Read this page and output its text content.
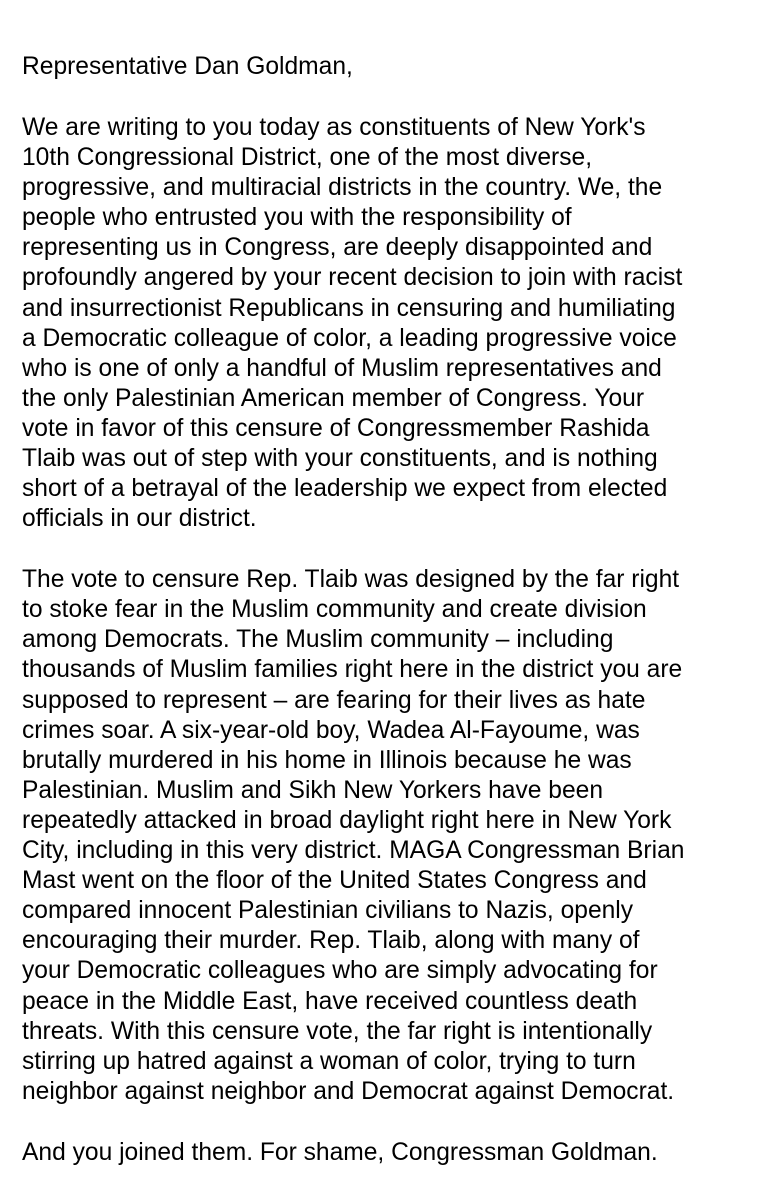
Representative Dan Goldman,

We are writing to you today as constituents of New York's
10th Congressional District, one of the most diverse,
progressive, and multiracial districts in the country. We, the
people who entrusted you with the responsibility of
representing us in Congress, are deeply disappointed and
profoundly angered by your recent decision to join with racist
and insurrectionist Republicans in censuring and humiliating
a Democratic colleague of color, a leading progressive voice
who is one of only a handful of Muslim representatives and
the only Palestinian American member of Congress. Your
vote in favor of this censure of Congressmember Rashida
Tlaib was out of step with your constituents, and is nothing
short of a betrayal of the leadership we expect from elected
officials in our district.

The vote to censure Rep. Tlaib was designed by the far right
to stoke fear in the Muslim community and create division
among Democrats. The Muslim community – including
thousands of Muslim families right here in the district you are
supposed to represent – are fearing for their lives as hate
crimes soar. A six-year-old boy, Wadea Al-Fayoume, was
brutally murdered in his home in Illinois because he was
Palestinian. Muslim and Sikh New Yorkers have been
repeatedly attacked in broad daylight right here in New York
City, including in this very district. MAGA Congressman Brian
Mast went on the floor of the United States Congress and
compared innocent Palestinian civilians to Nazis, openly
encouraging their murder. Rep. Tlaib, along with many of
your Democratic colleagues who are simply advocating for
peace in the Middle East, have received countless death
threats. With this censure vote, the far right is intentionally
stirring up hatred against a woman of color, trying to turn
neighbor against neighbor and Democrat against Democrat.

And you joined them. For shame, Congressman Goldman.
